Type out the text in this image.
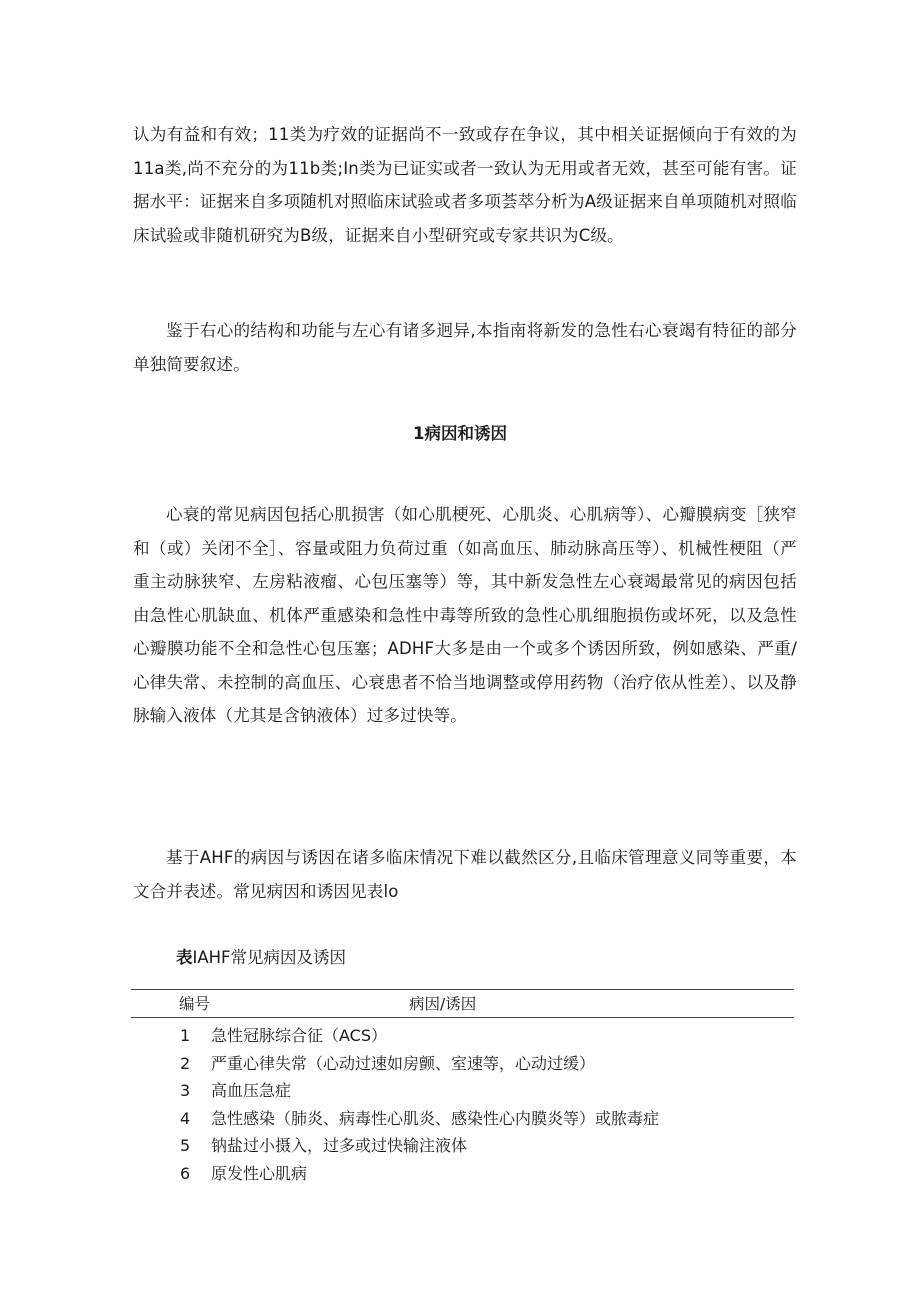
认为有益和有效；11类为疗效的证据尚不一致或存在争议，其中相关证据倾向于有效的为11a类,尚不充分的为11b类;In类为已证实或者一致认为无用或者无效，甚至可能有害。证据水平：证据来自多项随机对照临床试验或者多项荟萃分析为A级证据来自单项随机对照临床试验或非随机研究为B级，证据来自小型研究或专家共识为C级。

鉴于右心的结构和功能与左心有诸多迥异,本指南将新发的急性右心衰竭有特征的部分单独简要叙述。

1病因和诱因

心衰的常见病因包括心肌损害（如心肌梗死、心肌炎、心肌病等）、心瓣膜病变［狭窄和（或）关闭不全］、容量或阻力负荷过重（如高血压、肺动脉高压等）、机械性梗阻（严重主动脉狭窄、左房粘液瘤、心包压塞等）等，其中新发急性左心衰竭最常见的病因包括由急性心肌缺血、机体严重感染和急性中毒等所致的急性心肌细胞损伤或坏死，以及急性心瓣膜功能不全和急性心包压塞；ADHF大多是由一个或多个诱因所致，例如感染、严重/心律失常、未控制的高血压、心衰患者不恰当地调整或停用药物（治疗依从性差）、以及静脉输入液体（尤其是含钠液体）过多过快等。

基于AHF的病因与诱因在诸多临床情况下难以截然区分,且临床管理意义同等重要，本文合并表述。常见病因和诱因见表lo

表IAHF常见病因及诱因

编号	病因/诱因
1	急性冠脉综合征（ACS）
2	严重心律失常（心动过速如房颤、室速等，心动过缓）
3	高血压急症
4	急性感染（肺炎、病毒性心肌炎、感染性心内膜炎等）或脓毒症
5	钠盐过小摄入，过多或过快输注液体
6	原发性心肌病
